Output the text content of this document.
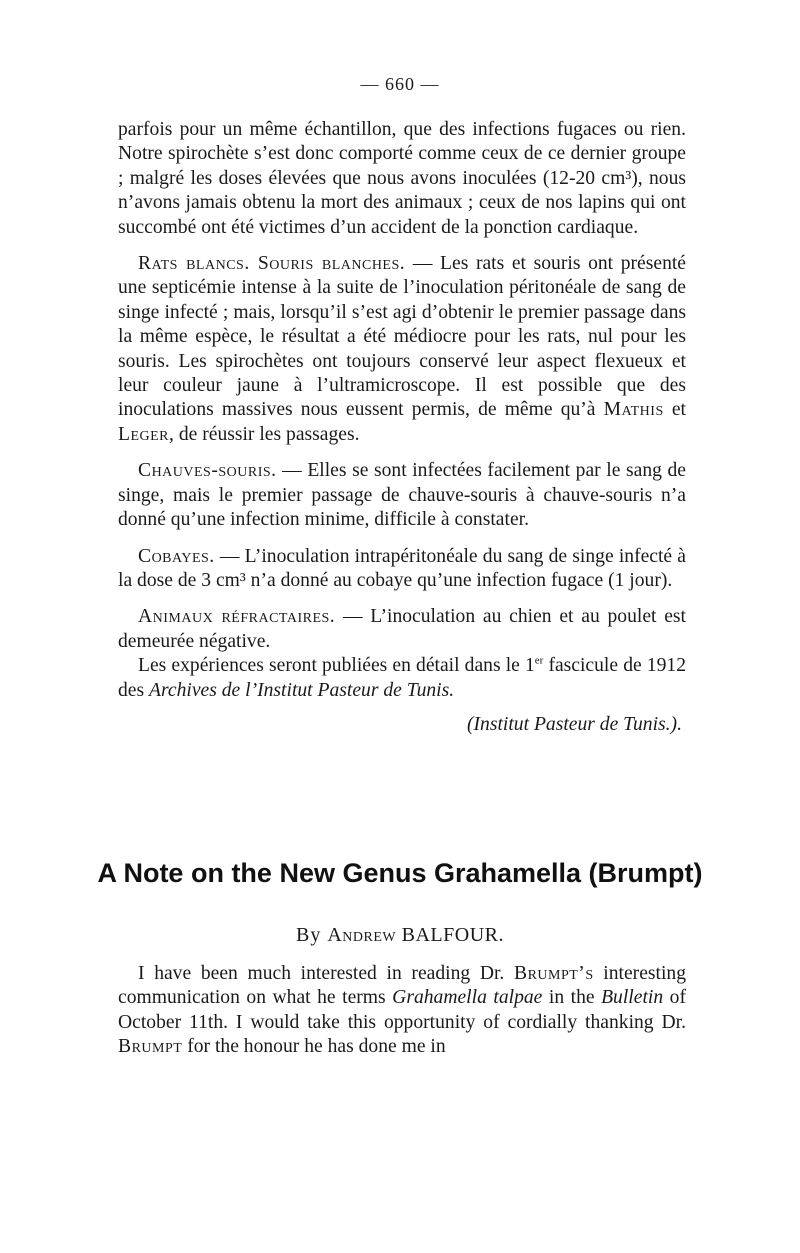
— 660 —

parfois pour un même échantillon, que des infections fugaces ou rien. Notre spirochète s’est donc comporté comme ceux de ce dernier groupe ; malgré les doses élevées que nous avons inoculées (12-20 cm³), nous n’avons jamais obtenu la mort des animaux ; ceux de nos lapins qui ont succombé ont été victimes d’un accident de la ponction cardiaque.

Rats blancs. Souris blanches. — Les rats et souris ont présenté une septicémie intense à la suite de l’inoculation péritonéale de sang de singe infecté ; mais, lorsqu’il s’est agi d’obtenir le premier passage dans la même espèce, le résultat a été médiocre pour les rats, nul pour les souris. Les spirochètes ont toujours conservé leur aspect flexueux et leur couleur jaune à l’ultramicroscope. Il est possible que des inoculations massives nous eussent permis, de même qu’à Mathis et Leger, de réussir les passages.

Chauves-souris. — Elles se sont infectées facilement par le sang de singe, mais le premier passage de chauve-souris à chauve-souris n’a donné qu’une infection minime, difficile à constater.

Cobayes. — L’inoculation intrapéritonéale du sang de singe infecté à la dose de 3 cm³ n’a donné au cobaye qu’une infection fugace (1 jour).

Animaux réfractaires. — L’inoculation au chien et au poulet est demeurée négative.

Les expériences seront publiées en détail dans le 1er fascicule de 1912 des Archives de l’Institut Pasteur de Tunis.

(Institut Pasteur de Tunis.).

A Note on the New Genus Grahamella (Brumpt)
By Andrew BALFOUR.

I have been much interested in reading Dr. Brumpt’s interesting communication on what he terms Grahamella talpae in the Bulletin of October 11th. I would take this opportunity of cordially thanking Dr. Brumpt for the honour he has done me in
